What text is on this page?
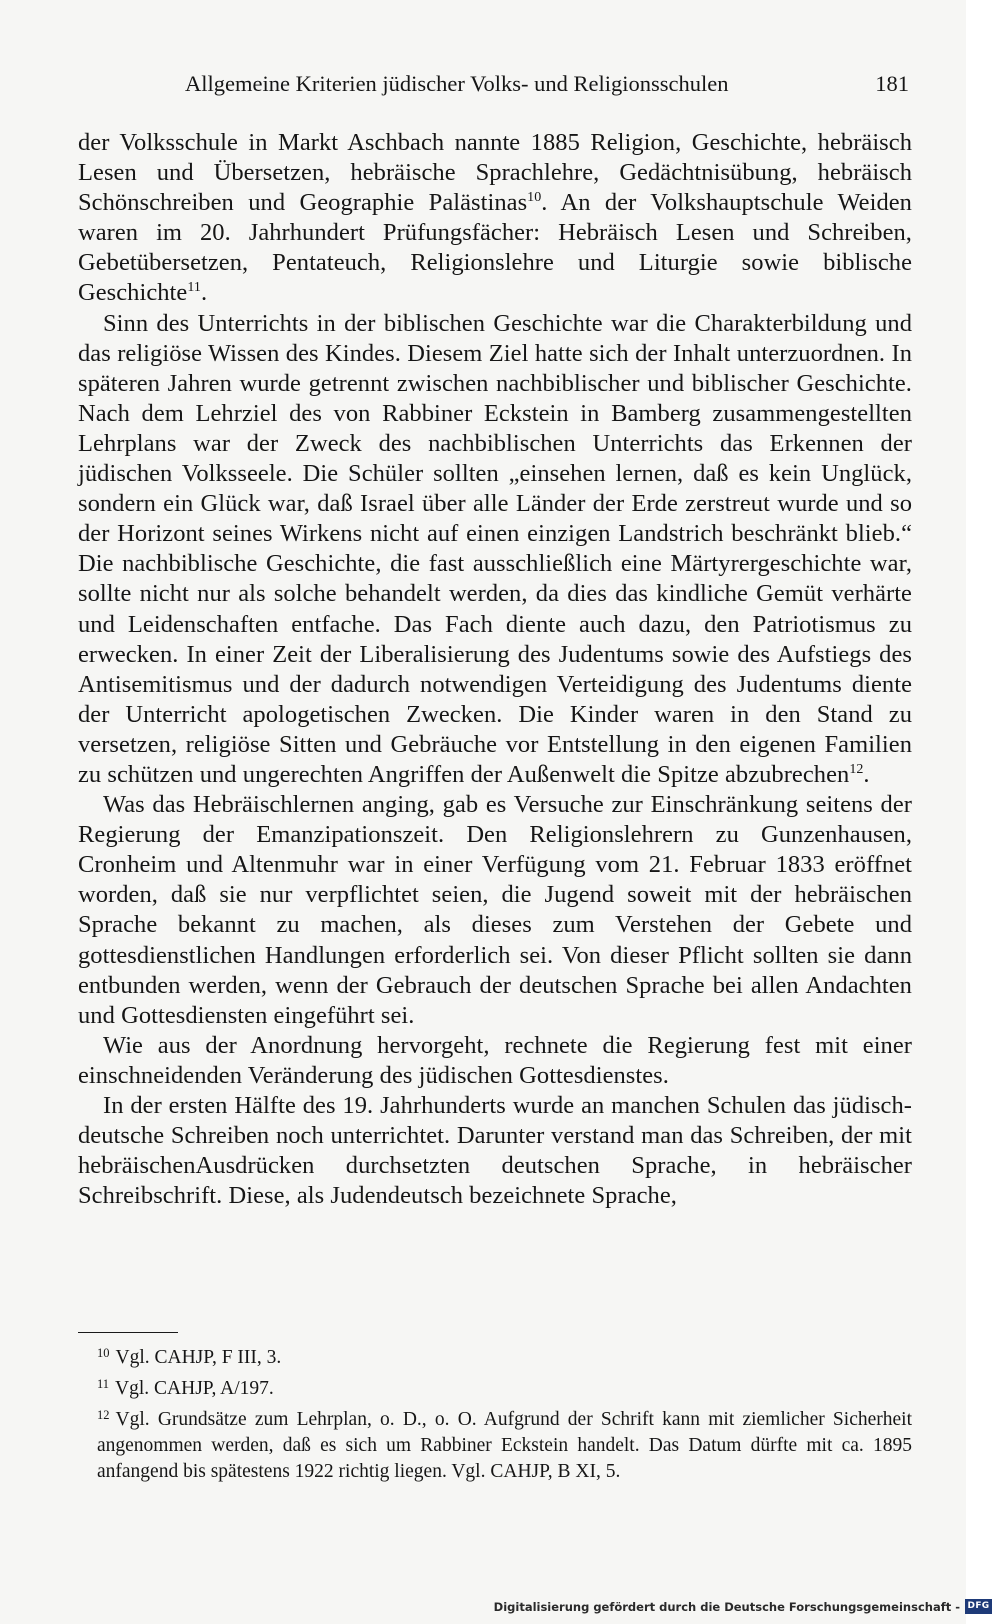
Allgemeine Kriterien jüdischer Volks- und Religionsschulen	181

der Volksschule in Markt Aschbach nannte 1885 Religion, Geschichte, hebräisch Lesen und Übersetzen, hebräische Sprachlehre, Gedächtnisübung, hebräisch Schönschreiben und Geographie Palästinas$^{10}$. An der Volkshauptschule Weiden waren im 20. Jahrhundert Prüfungsfächer: Hebräisch Lesen und Schreiben, Gebetübersetzen, Pentateuch, Religionslehre und Liturgie sowie biblische Geschichte$^{11}$.

Sinn des Unterrichts in der biblischen Geschichte war die Charakterbildung und das religiöse Wissen des Kindes. Diesem Ziel hatte sich der Inhalt unterzuordnen. In späteren Jahren wurde getrennt zwischen nachbiblischer und biblischer Geschichte. Nach dem Lehrziel des von Rabbiner Eckstein in Bamberg zusammengestellten Lehrplans war der Zweck des nachbiblischen Unterrichts das Erkennen der jüdischen Volksseele. Die Schüler sollten „einsehen lernen, daß es kein Unglück, sondern ein Glück war, daß Israel über alle Länder der Erde zerstreut wurde und so der Horizont seines Wirkens nicht auf einen einzigen Landstrich beschränkt blieb.“ Die nachbiblische Geschichte, die fast ausschließlich eine Märtyrergeschichte war, sollte nicht nur als solche behandelt werden, da dies das kindliche Gemüt verhärte und Leidenschaften entfache. Das Fach diente auch dazu, den Patriotismus zu erwecken. In einer Zeit der Liberalisierung des Judentums sowie des Aufstiegs des Antisemitismus und der dadurch notwendigen Verteidigung des Judentums diente der Unterricht apologetischen Zwecken. Die Kinder waren in den Stand zu versetzen, religiöse Sitten und Gebräuche vor Entstellung in den eigenen Familien zu schützen und ungerechten Angriffen der Außenwelt die Spitze abzubrechen$^{12}$.

Was das Hebräischlernen anging, gab es Versuche zur Einschränkung seitens der Regierung der Emanzipationszeit. Den Religionslehrern zu Gunzenhausen, Cronheim und Altenmuhr war in einer Verfügung vom 21. Februar 1833 eröffnet worden, daß sie nur verpflichtet seien, die Jugend soweit mit der hebräischen Sprache bekannt zu machen, als dieses zum Verstehen der Gebete und gottesdienstlichen Handlungen erforderlich sei. Von dieser Pflicht sollten sie dann entbunden werden, wenn der Gebrauch der deutschen Sprache bei allen Andachten und Gottesdiensten eingeführt sei.

Wie aus der Anordnung hervorgeht, rechnete die Regierung fest mit einer einschneidenden Veränderung des jüdischen Gottesdienstes.

In der ersten Hälfte des 19. Jahrhunderts wurde an manchen Schulen das jüdisch-deutsche Schreiben noch unterrichtet. Darunter verstand man das Schreiben, der mit hebräischenAusdrücken durchsetzten deutschen Sprache, in hebräischer Schreibschrift. Diese, als Judendeutsch bezeichnete Sprache,

$^{10}$ Vgl. CAHJP, F III, 3.

$^{11}$ Vgl. CAHJP, A/197.

$^{12}$ Vgl. Grundsätze zum Lehrplan, o. D., o. O. Aufgrund der Schrift kann mit ziemlicher Sicherheit angenommen werden, daß es sich um Rabbiner Eckstein handelt. Das Datum dürfte mit ca. 1895 anfangend bis spätestens 1922 richtig liegen. Vgl. CAHJP, B XI, 5.

Digitalisierung gefördert durch die Deutsche Forschungsgemeinschaft - DFG
